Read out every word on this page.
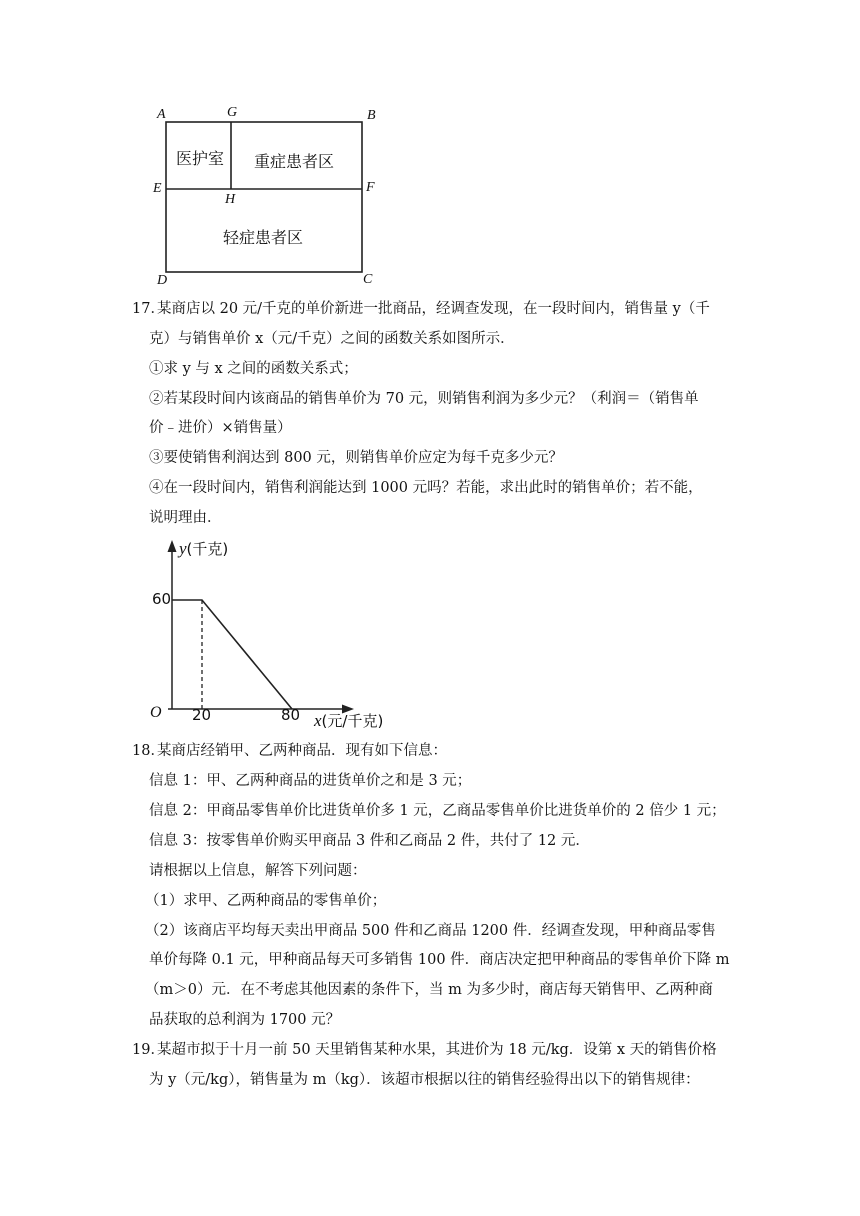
A	G	B
E
H
F
D	C
医护室 重症患者区
轻症患者区
17．某商店以 20 元/千克的单价新进一批商品，经调查发现，在一段时间内，销售量 y（千
克）与销售单价 x（元/千克）之间的函数关系如图所示．
①求 y 与 x 之间的函数关系式；
②若某段时间内该商品的销售单价为 70 元，则销售利润为多少元？（利润＝（销售单
价﹣进价）×销售量）
③要使销售利润达到 800 元，则销售单价应定为每千克多少元？
④在一段时间内，销售利润能达到 1000 元吗？若能，求出此时的销售单价；若不能，
说明理由．
y(千克)
60
O 20	80 x(元/千克)
18．某商店经销甲、乙两种商品．现有如下信息：
信息 1：甲、乙两种商品的进货单价之和是 3 元；
信息 2：甲商品零售单价比进货单价多 1 元，乙商品零售单价比进货单价的 2 倍少 1 元；
信息 3：按零售单价购买甲商品 3 件和乙商品 2 件，共付了 12 元．
请根据以上信息，解答下列问题：
（1）求甲、乙两种商品的零售单价；
（2）该商店平均每天卖出甲商品 500 件和乙商品 1200 件．经调查发现，甲种商品零售
单价每降 0.1 元，甲种商品每天可多销售 100 件．商店决定把甲种商品的零售单价下降 m
（m＞0）元．在不考虑其他因素的条件下，当 m 为多少时，商店每天销售甲、乙两种商
品获取的总利润为 1700 元？
19．某超市拟于十月一前 50 天里销售某种水果，其进价为 18 元/kg．设第 x 天的销售价格
为 y（元/kg），销售量为 m（kg）．该超市根据以往的销售经验得出以下的销售规律：
